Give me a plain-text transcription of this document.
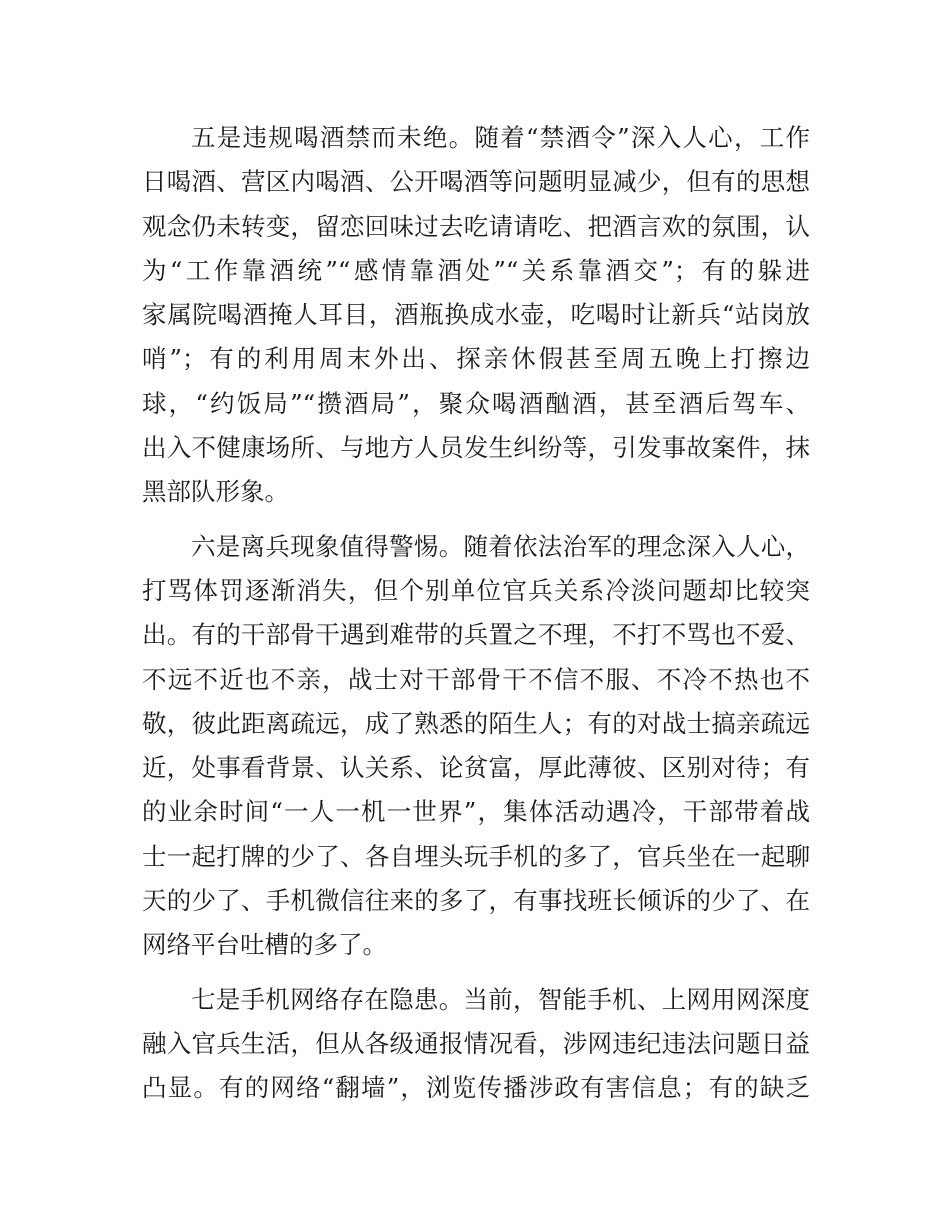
五是违规喝酒禁而未绝。随着“禁酒令”深入人心，工作
日喝酒、营区内喝酒、公开喝酒等问题明显减少，但有的思想
观念仍未转变，留恋回味过去吃请请吃、把酒言欢的氛围，认
为“工作靠酒统”“感情靠酒处”“关系靠酒交”；有的躲进
家属院喝酒掩人耳目，酒瓶换成水壶，吃喝时让新兵“站岗放
哨”；有的利用周末外出、探亲休假甚至周五晚上打擦边
球，“约饭局”“攒酒局”，聚众喝酒酗酒，甚至酒后驾车、
出入不健康场所、与地方人员发生纠纷等，引发事故案件，抹
黑部队形象。
六是离兵现象值得警惕。随着依法治军的理念深入人心，
打骂体罚逐渐消失，但个别单位官兵关系冷淡问题却比较突
出。有的干部骨干遇到难带的兵置之不理，不打不骂也不爱、
不远不近也不亲，战士对干部骨干不信不服、不冷不热也不
敬，彼此距离疏远，成了熟悉的陌生人；有的对战士搞亲疏远
近，处事看背景、认关系、论贫富，厚此薄彼、区别对待；有
的业余时间“一人一机一世界”，集体活动遇冷，干部带着战
士一起打牌的少了、各自埋头玩手机的多了，官兵坐在一起聊
天的少了、手机微信往来的多了，有事找班长倾诉的少了、在
网络平台吐槽的多了。
七是手机网络存在隐患。当前，智能手机、上网用网深度
融入官兵生活，但从各级通报情况看，涉网违纪违法问题日益
凸显。有的网络“翻墙”，浏览传播涉政有害信息；有的缺乏
